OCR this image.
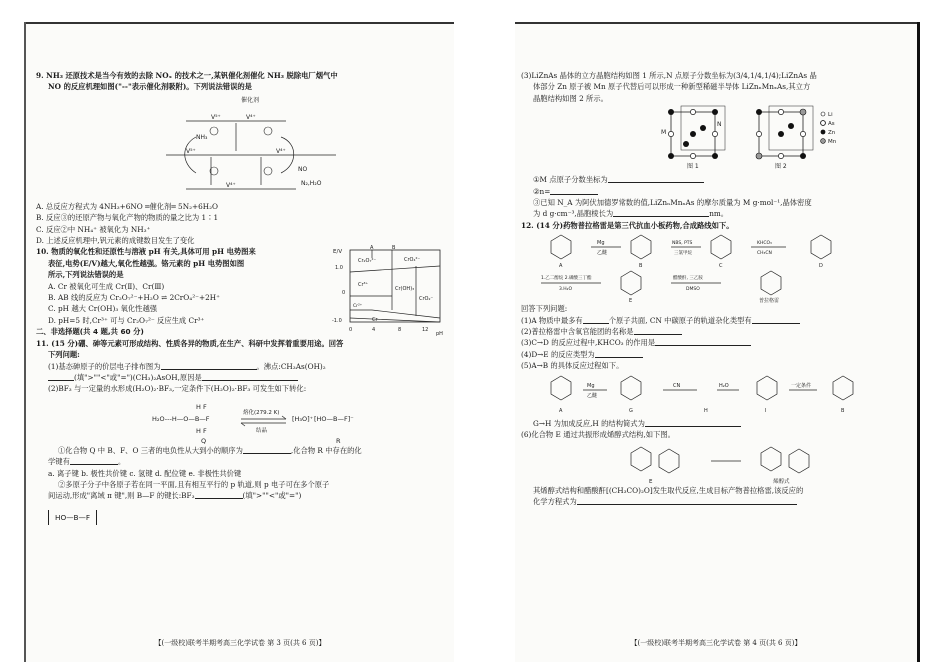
9. NH₃ 还原技术是当今有效的去除 NOₓ 的技术之一,某钒催化剂催化 NH₃ 脱除电厂烟气中
NO 的反应机理如图("--"表示催化剂吸附)。下列说法错误的是
催化剂
V⁵⁺	V⁴⁺
NH₃
V⁵⁺	V⁴⁺
NO
N₂,H₂O
V⁴⁺
A. 总反应方程式为 4NH₃+6NO ═催化剂═ 5N₂+6H₂O
B. 反应③的还原产物与氧化产物的物质的量之比为 1∶1
C. 反应②中 NH₄⁺ 被氧化为 NH₃⁺
D. 上述反应机理中,钒元素的成键数目发生了变化
10. 物质的氧化性和还原性与溶液 pH 有关,具体可用 pH 电势图来
表征,电势(E/V)越大,氧化性越强。铬元素的 pH 电势图如图
所示,下列说法错误的是
A. Cr 被氧化可生成 Cr(Ⅱ)、Cr(Ⅲ)
B. AB 线的反应为 Cr₂O₇²⁻+H₂O ⇌ 2CrO₄²⁻+2H⁺
C. pH 越大 Cr(OH)₃ 氧化性越强
D. pH=5 时,Cr³⁺ 可与 Cr₂O₇²⁻ 反应生成 Cr³⁺
E/V
1.0
0
-1.0
0	4	8	12
pH
A	B
Cr₂O₇²⁻	CrO₄²⁻
Cr³⁺
Cr(OH)₃
CrO₂⁻
Cr²⁺
Cr
二、非选择题(共 4 题,共 60 分)
11. (15 分)硼、砷等元素可形成结构、性质各异的物质,在生产、科研中发挥着重要用途。回答
下列问题:
(1)基态砷原子的价层电子排布图为	。沸点:CH₃As(OH)₂
(填">""<"或"=")(CH₃)₂AsOH,原因是
(2)BF₃ 与一定量的水形成(H₂O)₂·BF₃,一定条件下(H₂O)₂·BF₃ 可发生如下转化:
H₂O---H—O—B—F
H F
H F
[HO—B—F]⁻
[H₃O]⁺
熔化(279.2 K)
结晶
Q	R
①化合物 Q 中 B、F、O 三者的电负性从大到小的顺序为	,化合物 R 中存在的化
学键有	。
a. 离子键 b. 极性共价键 c. 氢键 d. 配位键 e. 非极性共价键
②多原子分子中各原子若在同一平面,且有相互平行的 p 轨道,则 p 电子可在多个原子
间运动,形成"离域 π 键",则 B—F 的键长:BF₃	(填">""<"或"=")
HO—B—F
【(一级校)联考半期考高三化学试卷 第 3 页(共 6 页)】
(3)LiZnAs 晶体的立方晶胞结构如图 1 所示,N 点原子分数坐标为(3/4,1/4,1/4);LiZnAs 晶
体部分 Zn 原子被 Mn 原子代替后可以形成一种新型稀磁半导体 LiZnₙMnₓAs,其立方
晶胞结构如图 2 所示。
M
N
图 1	图 2
Li
As
Zn
Mn
①M 点原子分数坐标为
②n=
③已知 N_A 为阿伏加德罗常数的值,LiZnₙMnₓAs 的摩尔质量为 M g·mol⁻¹,晶体密度
为 d g·cm⁻³,晶胞棱长为	nm。
12. (14 分)药物普拉格雷是第三代抗血小板药物,合成路线如下。
Mg
乙醚
NBS, PTS
三氯甲烷
KHCO₃
CH₃CN
1.乙二醇烷 2.磷酸三丁酯
3.H₂O
醋酸酐, 三乙胺
DMSO
A	B	C	D
E	普拉格雷
回答下列问题:
(1)A 物质中最多有	个原子共面, CN 中碳原子的轨道杂化类型有
(2)普拉格雷中含氧官能团的名称是
(3)C→D 的反应过程中,KHCO₃ 的作用是
(4)D→E 的反应类型为
(5)A→B 的具体反应过程如下。
Mg
乙醚
CN	H₂O	一定条件
A	G	H	I	B
G→H 为加成反应,H 的结构简式为
(6)化合物 E 通过共振形成烯醇式结构,如下图。
E	烯醇式
其烯醇式结构和醋酸酐[(CH₃CO)₂O]发生取代反应,生成目标产物普拉格雷,该反应的
化学方程式为
【(一级校)联考半期考高三化学试卷 第 4 页(共 6 页)】
